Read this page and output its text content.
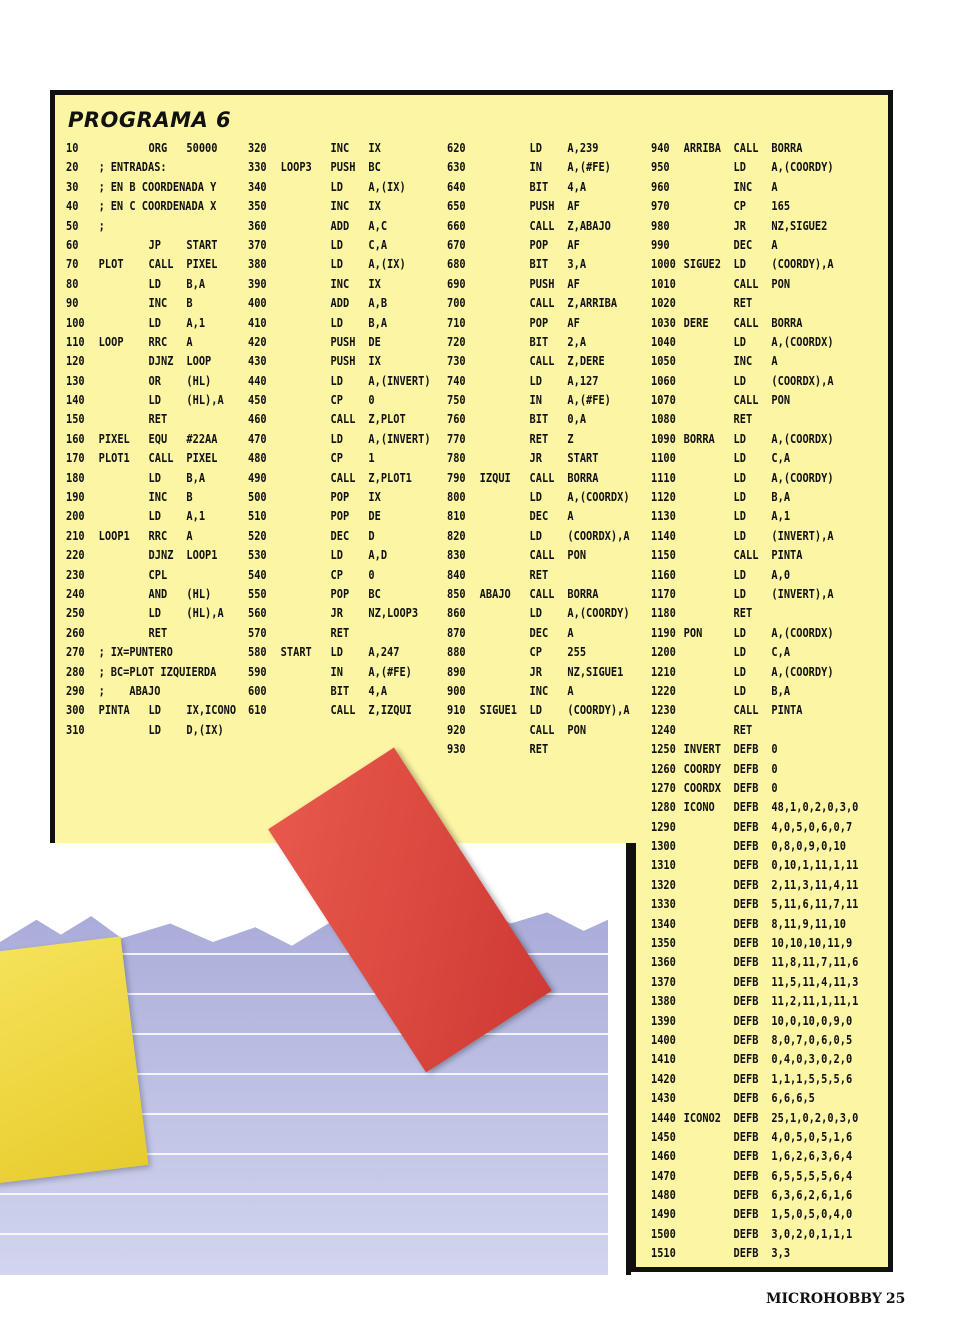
PROGRAMA 6
10	ORG 50000
20 ; ENTRADAS:
30 ; EN B COORDENADA Y
40 ; EN C COORDENADA X
50 ;
60	JP START
70 PLOT CALL PIXEL
80	LD B,A
90	INC B
100	LD A,1
110 LOOP RRC A
120	DJNZ LOOP
130	OR (HL)
140	LD (HL),A
150	RET
160 PIXEL EQU #22AA
170 PLOT1 CALL PIXEL
180	LD B,A
190	INC B
200	LD A,1
210 LOOP1 RRC A
220	DJNZ LOOP1
230	CPL
240	AND (HL)
250	LD (HL),A
260	RET
270 ; IX=PUNTERO
280 ; BC=PLOT IZQUIERDA
290 ;   ABAJO
300 PINTA LD IX,ICONO
310	LD D,(IX)
320	INC IX
330 LOOP3 PUSH BC
340	LD A,(IX)
350	INC IX
360	ADD A,C
370	LD C,A
380	LD A,(IX)
390	INC IX
400	ADD A,B
410	LD B,A
420	PUSH DE
430	PUSH IX
440	LD A,(INVERT)
450	CP 0
460	CALL Z,PLOT
470	LD A,(INVERT)
480	CP 1
490	CALL Z,PLOT1
500	POP IX
510	POP DE
520	DEC D
530	LD A,D
540	CP 0
550	POP BC
560	JR NZ,LOOP3
570	RET
580 START LD A,247
590	IN A,(#FE)
600	BIT 4,A
610	CALL Z,IZQUI
620	LD A,239
630	IN A,(#FE)
640	BIT 4,A
650	PUSH AF
660	CALL Z,ABAJO
670	POP AF
680	BIT 3,A
690	PUSH AF
700	CALL Z,ARRIBA
710	POP AF
720	BIT 2,A
730	CALL Z,DERE
740	LD A,127
750	IN A,(#FE)
760	BIT 0,A
770	RET Z
780	JR START
790 IZQUI CALL BORRA
800	LD A,(COORDX)
810	DEC A
820	LD (COORDX),A
830	CALL PON
840	RET
850 ABAJO CALL BORRA
860	LD A,(COORDY)
870	DEC A
880	CP 255
890	JR NZ,SIGUE1
900	INC A
910 SIGUE1 LD (COORDY),A
920	CALL PON
930	RET
940 ARRIBA CALL BORRA
950	LD A,(COORDY)
960	INC A
970	CP 165
980	JR NZ,SIGUE2
990	DEC A
1000 SIGUE2 LD (COORDY),A
1010	CALL PON
1020	RET
1030 DERE CALL BORRA
1040	LD A,(COORDX)
1050	INC A
1060	LD (COORDX),A
1070	CALL PON
1080	RET
1090 BORRA LD A,(COORDX)
1100	LD C,A
1110	LD A,(COORDY)
1120	LD B,A
1130	LD A,1
1140	LD (INVERT),A
1150	CALL PINTA
1160	LD A,0
1170	LD (INVERT),A
1180	RET
1190 PON	LD A,(COORDX)
1200	LD C,A
1210	LD A,(COORDY)
1220	LD B,A
1230	CALL PINTA
1240	RET
1250 INVERT DEFB 0
1260 COORDY DEFB 0
1270 COORDX DEFB 0
1280 ICONO DEFB 48,1,0,2,0,3,0
1290	DEFB 4,0,5,0,6,0,7
1300	DEFB 0,8,0,9,0,10
1310	DEFB 0,10,1,11,1,11
1320	DEFB 2,11,3,11,4,11
1330	DEFB 5,11,6,11,7,11
1340	DEFB 8,11,9,11,10
1350	DEFB 10,10,10,11,9
1360	DEFB 11,8,11,7,11,6
1370	DEFB 11,5,11,4,11,3
1380	DEFB 11,2,11,1,11,1
1390	DEFB 10,0,10,0,9,0
1400	DEFB 8,0,7,0,6,0,5
1410	DEFB 0,4,0,3,0,2,0
1420	DEFB 1,1,1,5,5,5,6
1430	DEFB 6,6,6,5
1440 ICONO2 DEFB 25,1,0,2,0,3,0
1450	DEFB 4,0,5,0,5,1,6
1460	DEFB 1,6,2,6,3,6,4
1470	DEFB 6,5,5,5,5,6,4
1480	DEFB 6,3,6,2,6,1,6
1490	DEFB 1,5,0,5,0,4,0
1500	DEFB 3,0,2,0,1,1,1
1510	DEFB 3,3
MICROHOBBY 25
